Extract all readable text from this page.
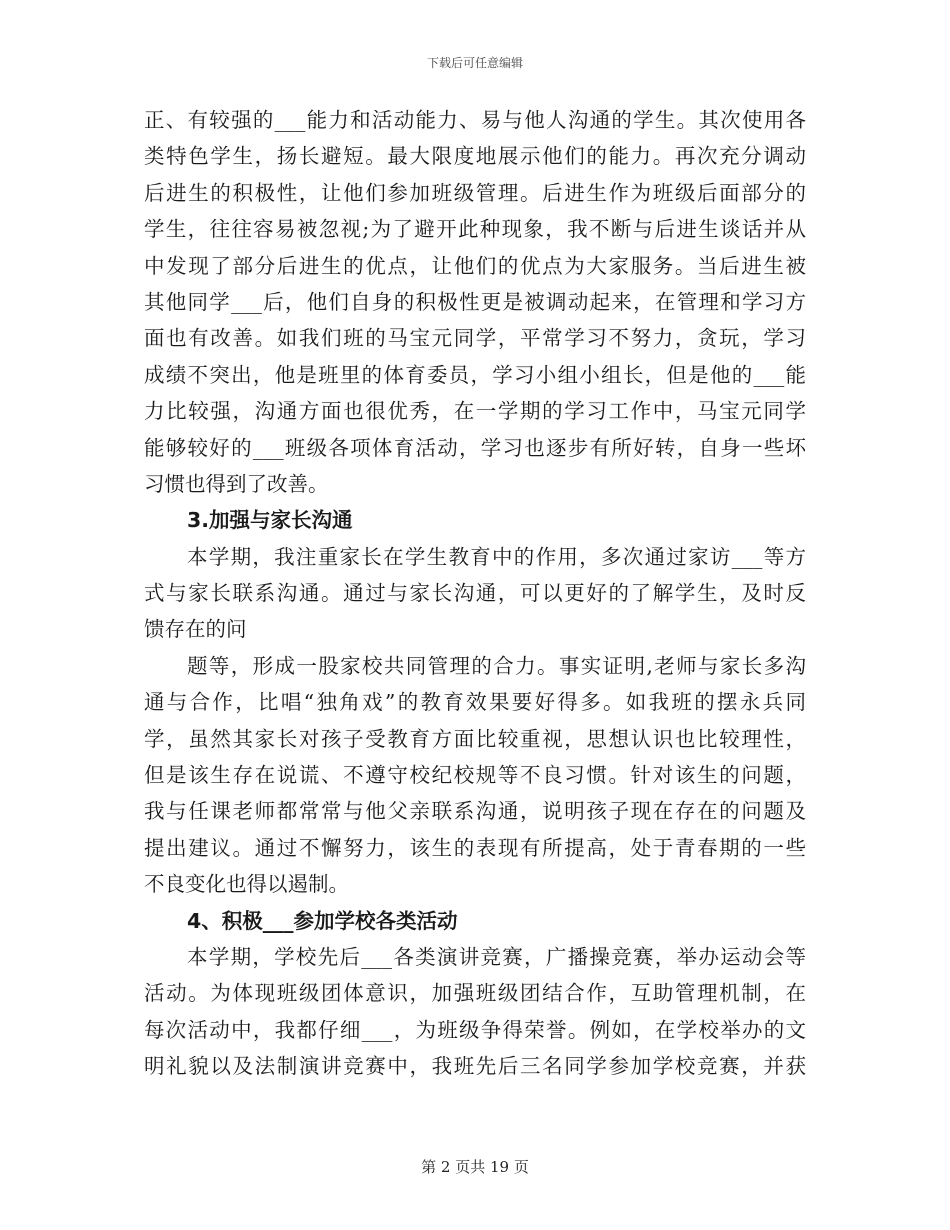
下载后可任意编辑
正、有较强的___能力和活动能力、易与他人沟通的学生。其次使用各
类特色学生，扬长避短。最大限度地展示他们的能力。再次充分调动
后进生的积极性，让他们参加班级管理。后进生作为班级后面部分的
学生，往往容易被忽视;为了避开此种现象，我不断与后进生谈话并从
中发现了部分后进生的优点，让他们的优点为大家服务。当后进生被
其他同学___后，他们自身的积极性更是被调动起来，在管理和学习方
面也有改善。如我们班的马宝元同学，平常学习不努力，贪玩，学习
成绩不突出，他是班里的体育委员，学习小组小组长，但是他的___能
力比较强，沟通方面也很优秀，在一学期的学习工作中，马宝元同学
能够较好的___班级各项体育活动，学习也逐步有所好转，自身一些坏
习惯也得到了改善。
3.加强与家长沟通
本学期，我注重家长在学生教育中的作用，多次通过家访___等方
式与家长联系沟通。通过与家长沟通，可以更好的了解学生，及时反
馈存在的问
题等，形成一股家校共同管理的合力。事实证明,老师与家长多沟
通与合作，比唱“独角戏”的教育效果要好得多。如我班的摆永兵同
学，虽然其家长对孩子受教育方面比较重视，思想认识也比较理性，
但是该生存在说谎、不遵守校纪校规等不良习惯。针对该生的问题，
我与任课老师都常常与他父亲联系沟通，说明孩子现在存在的问题及
提出建议。通过不懈努力，该生的表现有所提高，处于青春期的一些
不良变化也得以遏制。
4、积极___参加学校各类活动
本学期，学校先后___各类演讲竞赛，广播操竞赛，举办运动会等
活动。为体现班级团体意识，加强班级团结合作，互助管理机制，在
每次活动中，我都仔细___，为班级争得荣誉。例如，在学校举办的文
明礼貌以及法制演讲竞赛中，我班先后三名同学参加学校竞赛，并获
第 2 页共 19 页
